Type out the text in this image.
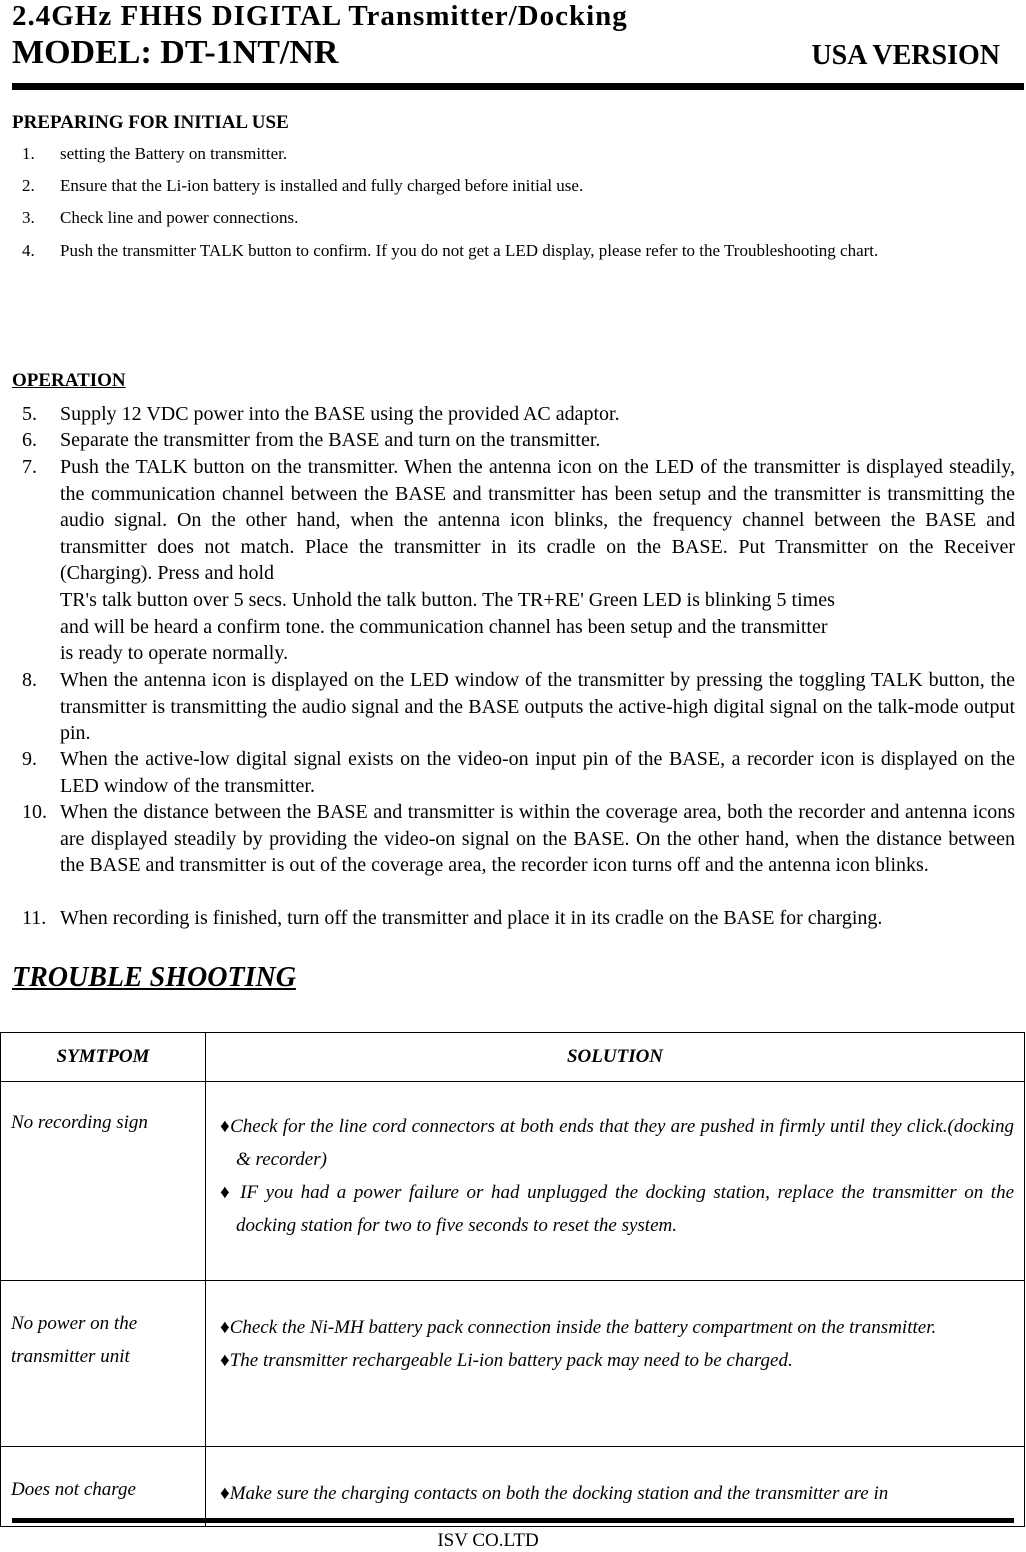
2.4GHz FHHS DIGITAL Transmitter/Docking
MODEL: DT-1NT/NR	USA VERSION
PREPARING FOR INITIAL USE
1.	setting the Battery on transmitter.
2.	Ensure that the Li-ion battery is installed and fully charged before initial use.
3.	Check line and power connections.
4.	Push the transmitter TALK button to confirm. If you do not get a LED display, please refer to the Troubleshooting chart.
OPERATION
5.	Supply 12 VDC power into the BASE using the provided AC adaptor.
6.	Separate the transmitter from the BASE and turn on the transmitter.
7.	Push the TALK button on the transmitter. When the antenna icon on the LED of the transmitter is displayed steadily, the communication channel between the BASE and transmitter has been setup and the transmitter is transmitting the audio signal. On the other hand, when the antenna icon blinks, the frequency channel between the BASE and transmitter does not match. Place the transmitter in its cradle on the BASE. Put Transmitter on the Receiver (Charging). Press and hold
TR's talk button over 5 secs. Unhold the talk button. The TR+RE' Green LED is blinking 5 times
and will be heard a confirm tone. the communication channel has been setup and the transmitter
is ready to operate normally.
8.	When the antenna icon is displayed on the LED window of the transmitter by pressing the toggling TALK button, the transmitter is transmitting the audio signal and the BASE outputs the active-high digital signal on the talk-mode output pin.
9.	When the active-low digital signal exists on the video-on input pin of the BASE, a recorder icon is displayed on the LED window of the transmitter.
10. When the distance between the BASE and transmitter is within the coverage area, both the recorder and antenna icons are displayed steadily by providing the video-on signal on the BASE. On the other hand, when the distance between the BASE and transmitter is out of the coverage area, the recorder icon turns off and the antenna icon blinks.
11. When recording is finished, turn off the transmitter and place it in its cradle on the BASE for charging.
TROUBLE SHOOTING
SYMTPOM	SOLUTION
No recording sign	♦Check for the line cord connectors at both ends that they are pushed in firmly until they click.(docking & recorder)

♦ IF you had a power failure or had unplugged the docking station, replace the transmitter on the docking station for two to five seconds to reset the system.

No power on the transmitter unit	♦Check the Ni-MH battery pack connection inside the battery compartment on the transmitter.

♦The transmitter rechargeable Li-ion battery pack may need to be charged.

Does not charge	♦Make sure the charging contacts on both the docking station and the transmitter are in

ISV CO.LTD
